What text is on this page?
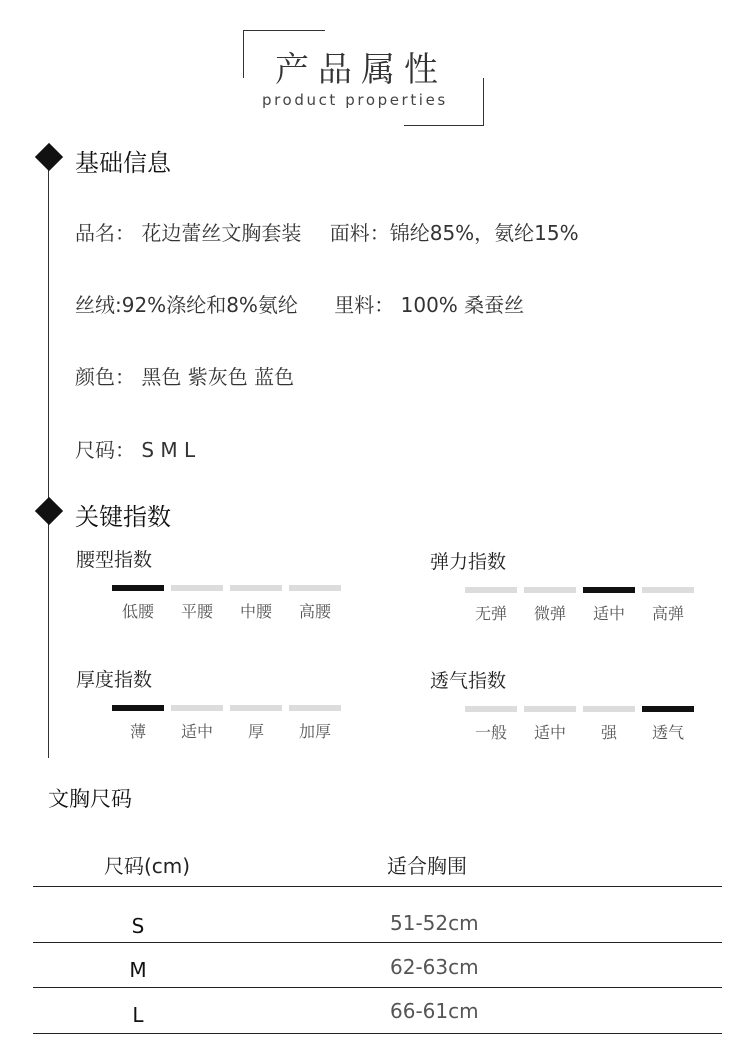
产品属性
product properties
基础信息
品名： 花边蕾丝文胸套装 面料：锦纶85%，氨纶15%
丝绒:92%涤纶和8%氨纶 里料： 100% 桑蚕丝
颜色： 黑色 紫灰色 蓝色
尺码： S M L
关键指数
腰型指数
低腰 平腰 中腰 高腰
弹力指数
无弹 微弹 适中 高弹
厚度指数
薄 适中 厚 加厚
透气指数
一般 适中 强 透气
文胸尺码
尺码(cm)	适合胸围
S	51-52cm
M	62-63cm
L	66-61cm
